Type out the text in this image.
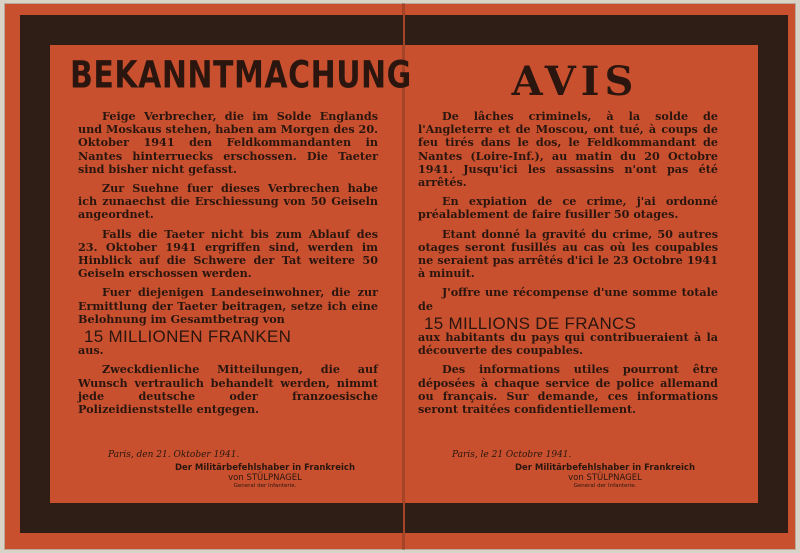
BEKANNTMACHUNG

Feige Verbrecher, die im Solde Englands und Moskaus stehen, haben am Morgen des 20. Oktober 1941 den Feldkommandanten in Nantes hinterruecks erschossen. Die Taeter sind bisher nicht gefasst.

Zur Suehne fuer dieses Verbrechen habe ich zunaechst die Erschiessung von 50 Geiseln angeordnet.

Falls die Taeter nicht bis zum Ablauf des 23. Oktober 1941 ergriffen sind, werden im Hinblick auf die Schwere der Tat weitere 50 Geiseln erschossen werden.

Fuer diejenigen Landeseinwohner, die zur Ermittlung der Taeter beitragen, setze ich eine Belohnung im Gesamtbetrag von

15 MILLIONEN FRANKEN

aus.

Zweckdienliche Mitteilungen, die auf Wunsch vertraulich behandelt werden, nimmt jede deutsche oder franzoesische Polizeidienststelle entgegen.

Paris, den 21. Oktober 1941.
Der Militärbefehlshaber in Frankreich
von STÜLPNAGEL
General der Infanterie.
AVIS

De lâches criminels, à la solde de l'Angleterre et de Moscou, ont tué, à coups de feu tirés dans le dos, le Feldkommandant de Nantes (Loire-Inf.), au matin du 20 Octobre 1941. Jusqu'ici les assassins n'ont pas été arrêtés.

En expiation de ce crime, j'ai ordonné préalablement de faire fusiller 50 otages.

Etant donné la gravité du crime, 50 autres otages seront fusillés au cas où les coupables ne seraient pas arrêtés d'ici le 23 Octobre 1941 à minuit.

J'offre une récompense d'une somme totale de

15 MILLIONS DE FRANCS

aux habitants du pays qui contribueraient à la découverte des coupables.

Des informations utiles pourront être déposées à chaque service de police allemand ou français. Sur demande, ces informations seront traitées confidentiellement.

Paris, le 21 Octobre 1941.
Der Militärbefehlshaber in Frankreich
von STÜLPNAGEL
General der Infanterie.
